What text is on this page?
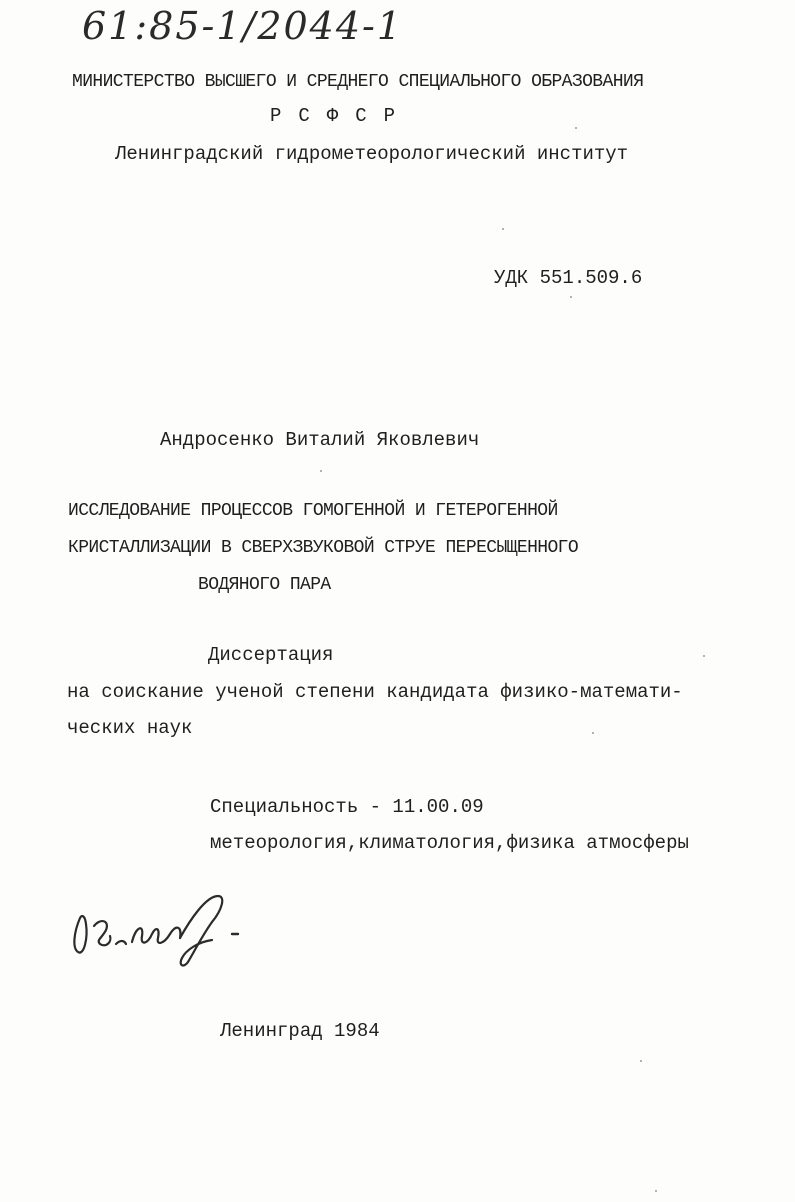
61:85-1/2044-1
МИНИСТЕРСТВО ВЫСШЕГО И СРЕДНЕГО СПЕЦИАЛЬНОГО ОБРАЗОВАНИЯ
РСФСР
Ленинградский гидрометеорологический институт
УДК 551.509.6
Андросенко Виталий Яковлевич
ИССЛЕДОВАНИЕ ПРОЦЕССОВ ГОМОГЕННОЙ И ГЕТЕРОГЕННОЙ
КРИСТАЛЛИЗАЦИИ В СВЕРХЗВУКОВОЙ СТРУЕ ПЕРЕСЫЩЕННОГО
ВОДЯНОГО ПАРА
Диссертация
на соискание ученой степени кандидата физико-математи-
ческих наук
Специальность - 11.00.09
метеорология,климатология,физика атмосферы
Ленинград 1984
